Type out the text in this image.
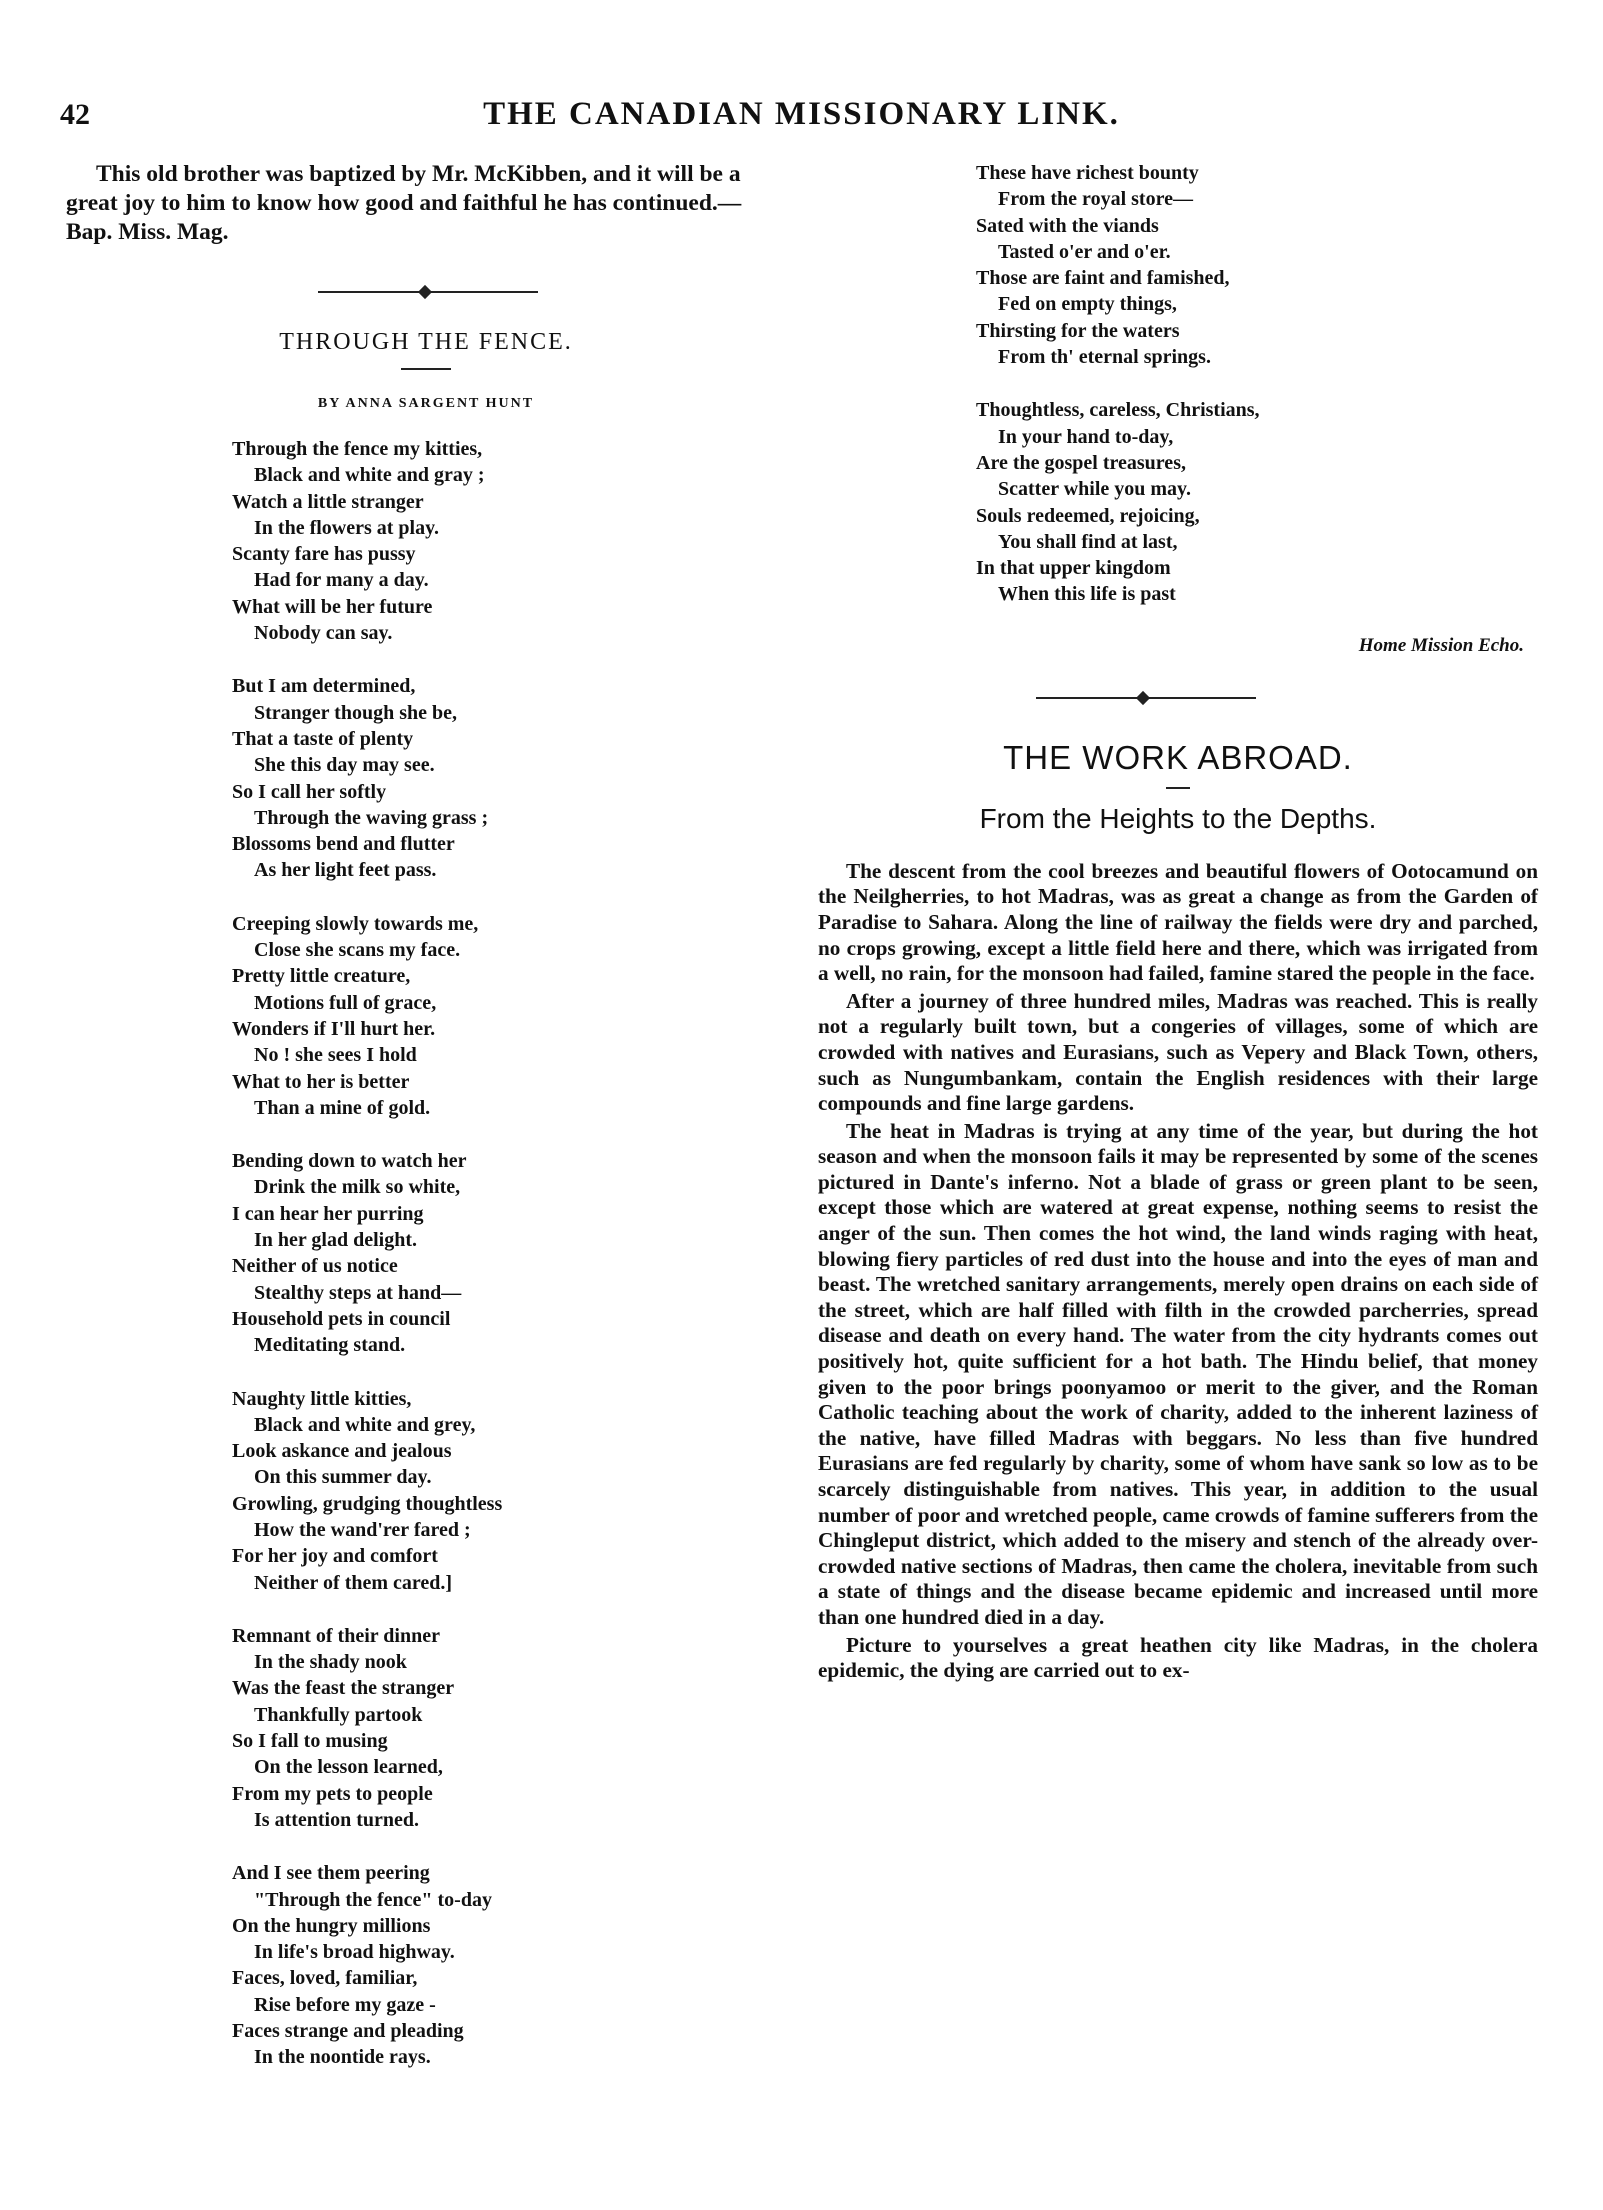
42	THE CANADIAN MISSIONARY LINK.

This old brother was baptized by Mr. McKibben, and it will be a great joy to him to know how good and faithful he has continued.—Bap. Miss. Mag.

THROUGH THE FENCE.
BY ANNA SARGENT HUNT
Through the fence my kitties,
Black and white and gray ;
Watch a little stranger
In the flowers at play.
Scanty fare has pussy
Had for many a day.
What will be her future
Nobody can say.
But I am determined,
Stranger though she be,
That a taste of plenty
She this day may see.
So I call her softly
Through the waving grass ;
Blossoms bend and flutter
As her light feet pass.
Creeping slowly towards me,
Close she scans my face.
Pretty little creature,
Motions full of grace,
Wonders if I'll hurt her.
No ! she sees I hold
What to her is better
Than a mine of gold.
Bending down to watch her
Drink the milk so white,
I can hear her purring
In her glad delight.
Neither of us notice
Stealthy steps at hand—
Household pets in council
Meditating stand.
Naughty little kitties,
Black and white and grey,
Look askance and jealous
On this summer day.
Growling, grudging thoughtless
How the wand'rer fared ;
For her joy and comfort
Neither of them cared.]
Remnant of their dinner
In the shady nook
Was the feast the stranger
Thankfully partook
So I fall to musing
On the lesson learned,
From my pets to people
Is attention turned.
And I see them peering
"Through the fence" to-day
On the hungry millions
In life's broad highway.
Faces, loved, familiar,
Rise before my gaze -
Faces strange and pleading
In the noontide rays.
These have richest bounty
From the royal store—
Sated with the viands
Tasted o'er and o'er.
Those are faint and famished,
Fed on empty things,
Thirsting for the waters
From th' eternal springs.
Thoughtless, careless, Christians,
In your hand to-day,
Are the gospel treasures,
Scatter while you may.
Souls redeemed, rejoicing,
You shall find at last,
In that upper kingdom
When this life is past
Home Mission Echo.
THE WORK ABROAD.
From the Heights to the Depths.

The descent from the cool breezes and beautiful flowers of Ootocamund on the Neilgherries, to hot Madras, was as great a change as from the Garden of Paradise to Sahara. Along the line of railway the fields were dry and parched, no crops growing, except a little field here and there, which was irrigated from a well, no rain, for the monsoon had failed, famine stared the people in the face.

After a journey of three hundred miles, Madras was reached. This is really not a regularly built town, but a congeries of villages, some of which are crowded with natives and Eurasians, such as Vepery and Black Town, others, such as Nungumbankam, contain the English residences with their large compounds and fine large gardens.

The heat in Madras is trying at any time of the year, but during the hot season and when the monsoon fails it may be represented by some of the scenes pictured in Dante's inferno. Not a blade of grass or green plant to be seen, except those which are watered at great expense, nothing seems to resist the anger of the sun. Then comes the hot wind, the land winds raging with heat, blowing fiery particles of red dust into the house and into the eyes of man and beast. The wretched sanitary arrangements, merely open drains on each side of the street, which are half filled with filth in the crowded parcherries, spread disease and death on every hand. The water from the city hydrants comes out positively hot, quite sufficient for a hot bath. The Hindu belief, that money given to the poor brings poonyamoo or merit to the giver, and the Roman Catholic teaching about the work of charity, added to the inherent laziness of the native, have filled Madras with beggars. No less than five hundred Eurasians are fed regularly by charity, some of whom have sank so low as to be scarcely distinguishable from natives. This year, in addition to the usual number of poor and wretched people, came crowds of famine sufferers from the Chingleput district, which added to the misery and stench of the already over-crowded native sections of Madras, then came the cholera, inevitable from such a state of things and the disease became epidemic and increased until more than one hundred died in a day.

Picture to yourselves a great heathen city like Madras, in the cholera epidemic, the dying are carried out to ex-
